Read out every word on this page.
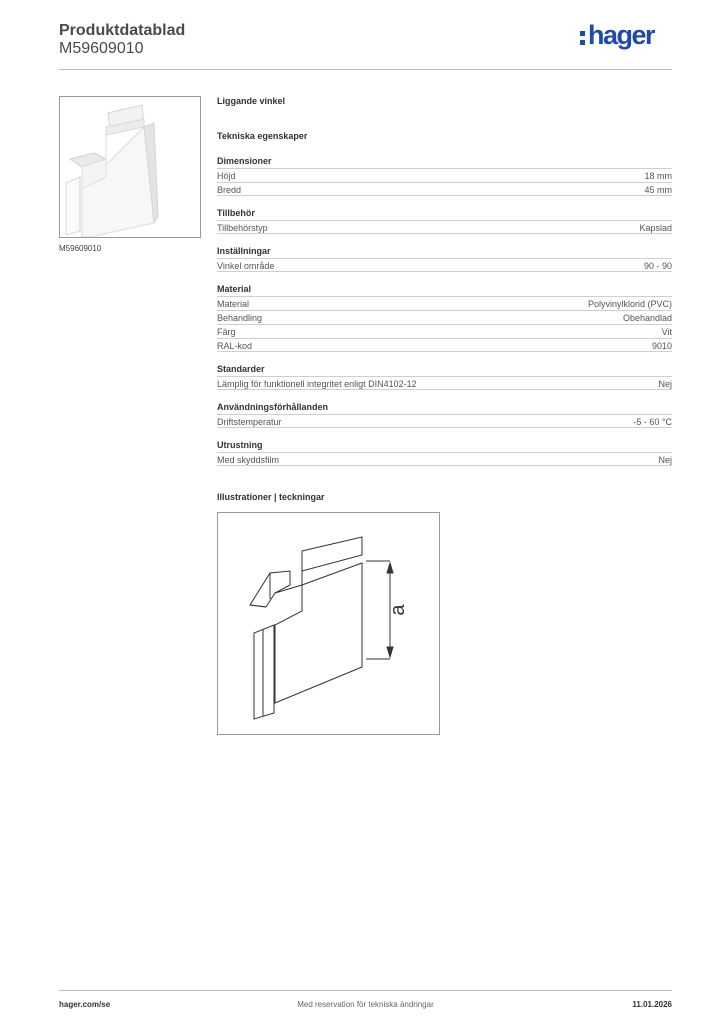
Produktdatablad
M59609010	hager
M59609010
Liggande vinkel
Tekniska egenskaper
Dimensioner
Höjd	18 mm
Bredd	45 mm
Tillbehör
Tillbehörstyp	Kapslad
Inställningar
Vinkel område	90 - 90
Material
Material	Polyvinylklorid (PVC)
Behandling	Obehandlad
Färg	Vit
RAL-kod	9010
Standarder
Lämplig för funktionell integritet enligt DIN4102-12	Nej
Användningsförhållanden
Driftstemperatur	-5 - 60 °C
Utrustning
Med skyddsfilm	Nej
Illustrationer | teckningar
a
hager.com/se	Med reservation för tekniska ändringar	11.01.2026
